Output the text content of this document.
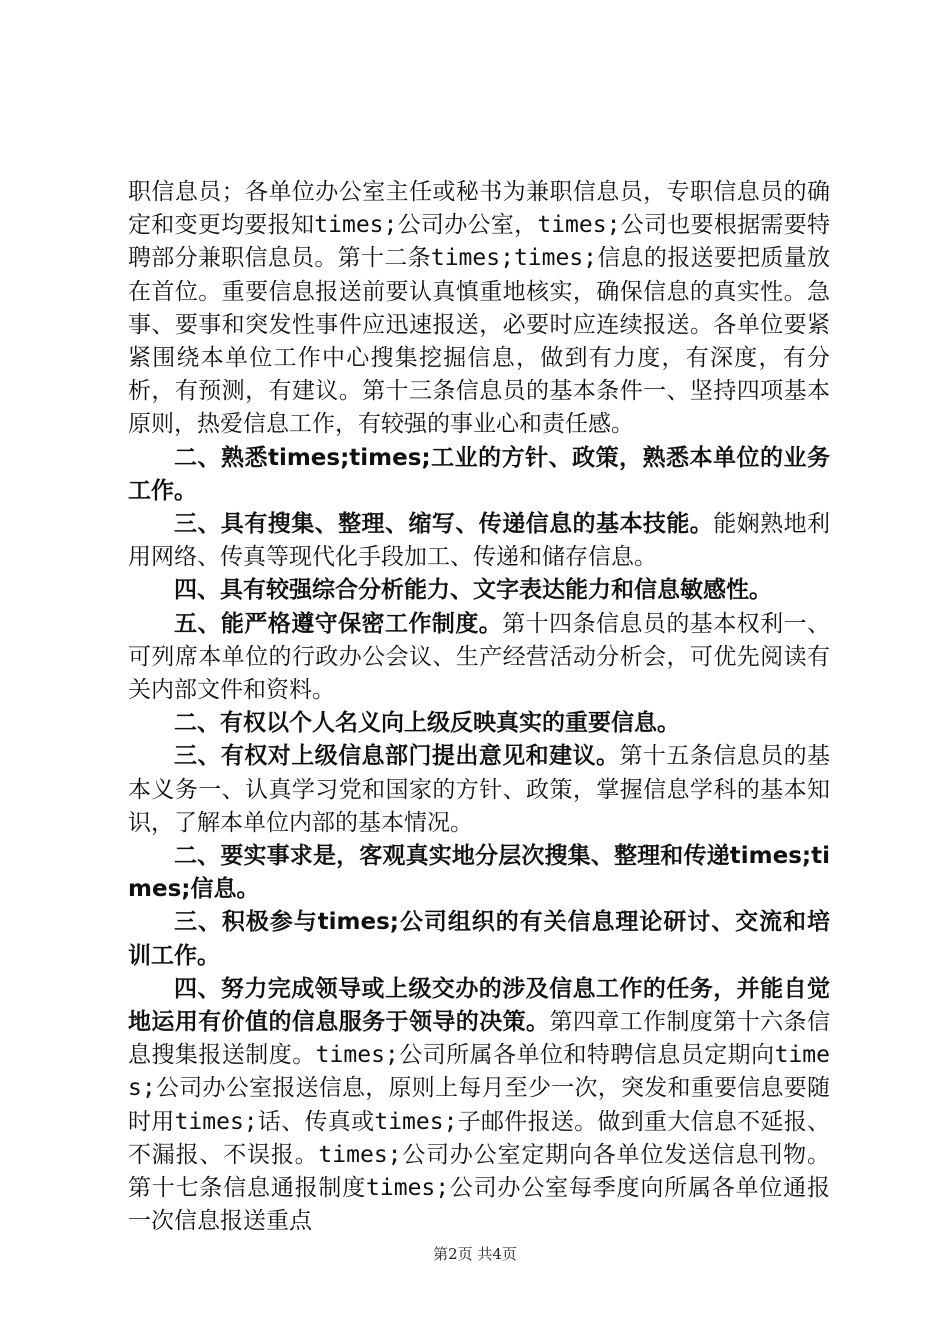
职信息员；各单位办公室主任或秘书为兼职信息员，专职信息员的确定和变更均要报知times;公司办公室，times;公司也要根据需要特聘部分兼职信息员。第十二条times;times;信息的报送要把质量放在首位。重要信息报送前要认真慎重地核实，确保信息的真实性。急事、要事和突发性事件应迅速报送，必要时应连续报送。各单位要紧紧围绕本单位工作中心搜集挖掘信息，做到有力度，有深度，有分析，有预测，有建议。第十三条信息员的基本条件一、坚持四项基本原则，热爱信息工作，有较强的事业心和责任感。

二、熟悉times;times;工业的方针、政策，熟悉本单位的业务工作。

三、具有搜集、整理、缩写、传递信息的基本技能。能娴熟地利用网络、传真等现代化手段加工、传递和储存信息。

四、具有较强综合分析能力、文字表达能力和信息敏感性。

五、能严格遵守保密工作制度。第十四条信息员的基本权利一、可列席本单位的行政办公会议、生产经营活动分析会，可优先阅读有关内部文件和资料。

二、有权以个人名义向上级反映真实的重要信息。

三、有权对上级信息部门提出意见和建议。第十五条信息员的基本义务一、认真学习党和国家的方针、政策，掌握信息学科的基本知识，了解本单位内部的基本情况。

二、要实事求是，客观真实地分层次搜集、整理和传递times;times;信息。

三、积极参与times;公司组织的有关信息理论研讨、交流和培训工作。

四、努力完成领导或上级交办的涉及信息工作的任务，并能自觉地运用有价值的信息服务于领导的决策。第四章工作制度第十六条信息搜集报送制度。times;公司所属各单位和特聘信息员定期向times;公司办公室报送信息，原则上每月至少一次，突发和重要信息要随时用times;话、传真或times;子邮件报送。做到重大信息不延报、不漏报、不误报。times;公司办公室定期向各单位发送信息刊物。第十七条信息通报制度times;公司办公室每季度向所属各单位通报一次信息报送重点

第2页 共4页
